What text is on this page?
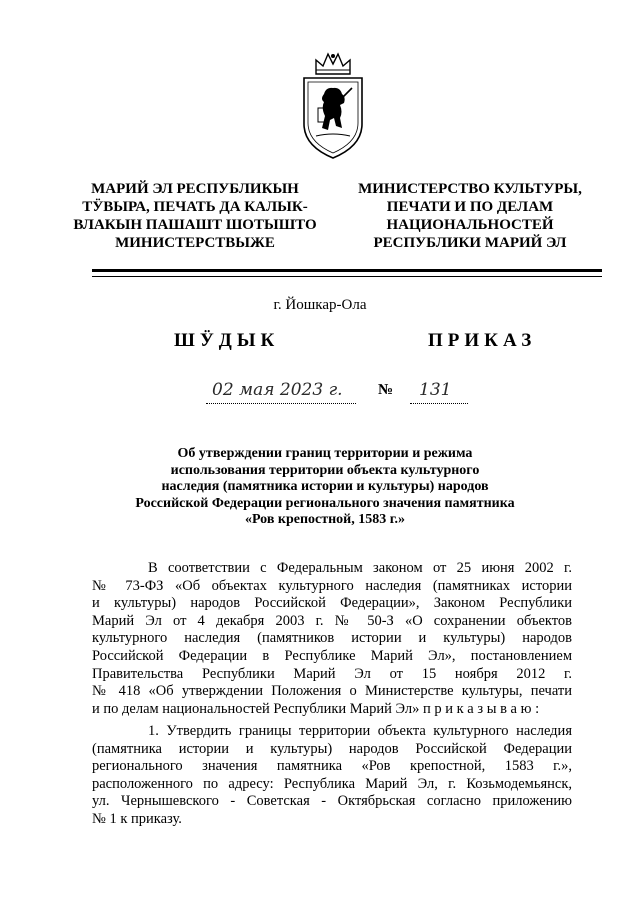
МАРИЙ ЭЛ РЕСПУБЛИКЫН
ТӰВЫРА, ПЕЧАТЬ ДА КАЛЫК-
ВЛАКЫН ПАШАШТ ШОТЫШТО
МИНИСТЕРСТВЫЖЕ
МИНИСТЕРСТВО КУЛЬТУРЫ,
ПЕЧАТИ И ПО ДЕЛАМ
НАЦИОНАЛЬНОСТЕЙ
РЕСПУБЛИКИ МАРИЙ ЭЛ
г. Йошкар-Ола
ШӰДЫК	ПРИКАЗ
02 мая 2023 г. № 131
Об утверждении границ территории и режима
использования территории объекта культурного
наследия (памятника истории и культуры) народов
Российской Федерации регионального значения памятника
«Ров крепостной, 1583 г.»
В соответствии с Федеральным законом от 25 июня 2002 г.
№ 73-ФЗ «Об объектах культурного наследия (памятниках истории
и культуры) народов Российской Федерации», Законом Республики
Марий Эл от 4 декабря 2003 г. № 50-З «О сохранении объектов
культурного наследия (памятников истории и культуры) народов
Российской Федерации в Республике Марий Эл», постановлением
Правительства Республики Марий Эл от 15 ноября 2012 г.
№ 418 «Об утверждении Положения о Министерстве культуры, печати
и по делам национальностей Республики Марий Эл» п р и к а з ы в а ю :
1. Утвердить границы территории объекта культурного наследия
(памятника истории и культуры) народов Российской Федерации
регионального значения памятника «Ров крепостной, 1583 г.»,
расположенного по адресу: Республика Марий Эл, г. Козьмодемьянск,
ул. Чернышевского - Советская - Октябрьская согласно приложению
№ 1 к приказу.
